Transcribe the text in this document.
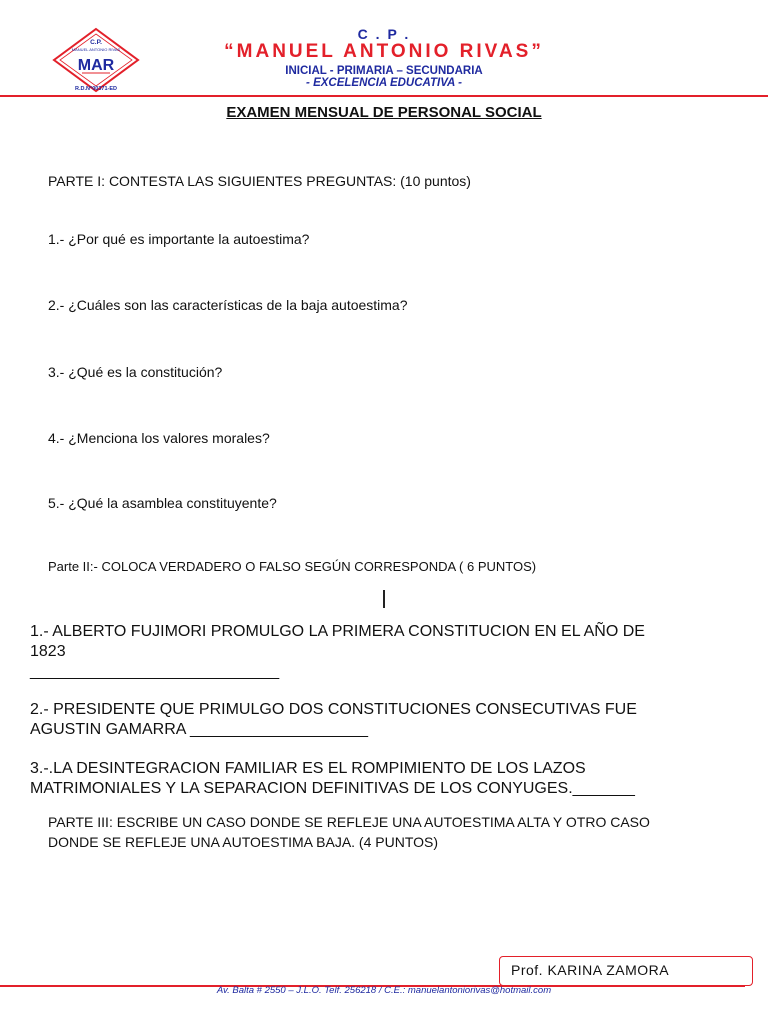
C.P.
MANUEL ANTONIO RIVAS
MAR
R.D.N°00371-ED
C . P .
“MANUEL ANTONIO RIVAS”
INICIAL - PRIMARIA – SECUNDARIA
- EXCELENCIA EDUCATIVA -
EXAMEN MENSUAL DE PERSONAL SOCIAL
PARTE I: CONTESTA LAS SIGUIENTES PREGUNTAS: (10 puntos)
1.- ¿Por qué es importante la autoestima?
2.- ¿Cuáles son las características de la baja autoestima?
3.- ¿Qué es la constitución?
4.- ¿Menciona los valores morales?
5.- ¿Qué la asamblea constituyente?
Parte II:- COLOCA VERDADERO O FALSO SEGÚN CORRESPONDA ( 6 PUNTOS)
1.- ALBERTO FUJIMORI PROMULGO LA PRIMERA CONSTITUCION EN EL AÑO DE
1823
____________________________
2.- PRESIDENTE QUE PRIMULGO DOS CONSTITUCIONES CONSECUTIVAS FUE
AGUSTIN GAMARRA ____________________
3.-.LA DESINTEGRACION FAMILIAR ES EL ROMPIMIENTO DE LOS LAZOS
MATRIMONIALES Y LA SEPARACION DEFINITIVAS DE LOS CONYUGES._______
PARTE III: ESCRIBE UN CASO DONDE SE REFLEJE UNA AUTOESTIMA ALTA Y OTRO CASO
DONDE SE REFLEJE UNA AUTOESTIMA BAJA. (4 PUNTOS)
Prof. KARINA ZAMORA
Av. Balta # 2550 – J.L.O. Telf. 256218 / C.E.: manuelantoniorivas@hotmail.com
